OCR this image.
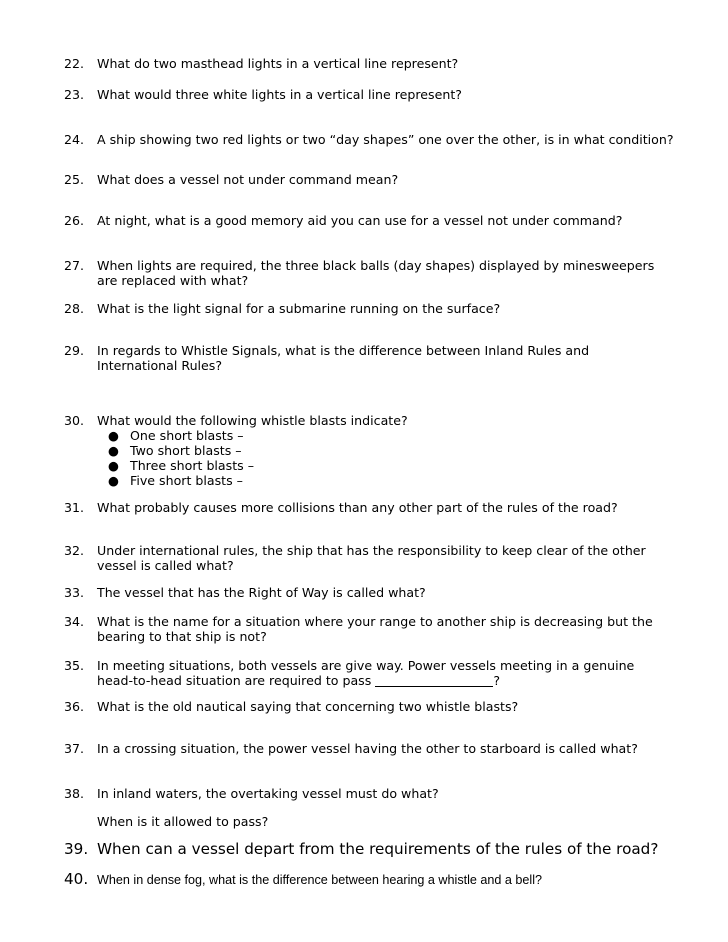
22. What do two masthead lights in a vertical line represent?
23. What would three white lights in a vertical line represent?
24. A ship showing two red lights or two “day shapes” one over the other, is in what condition?
25. What does a vessel not under command mean?
26. At night, what is a good memory aid you can use for a vessel not under command?
27. When lights are required, the three black balls (day shapes) displayed by minesweepers are replaced with what?
28. What is the light signal for a submarine running on the surface?
29. In regards to Whistle Signals, what is the difference between Inland Rules and International Rules?
30. What would the following whistle blasts indicate?
● One short blasts –
● Two short blasts –
● Three short blasts –
● Five short blasts –
31. What probably causes more collisions than any other part of the rules of the road?
32. Under international rules, the ship that has the responsibility to keep clear of the other vessel is called what?
33. The vessel that has the Right of Way is called what?
34. What is the name for a situation where your range to another ship is decreasing but the bearing to that ship is not?
35. In meeting situations, both vessels are give way. Power vessels meeting in a genuine head-to-head situation are required to pass	?
36. What is the old nautical saying that concerning two whistle blasts?
37. In a crossing situation, the power vessel having the other to starboard is called what?
38. In inland waters, the overtaking vessel must do what?
When is it allowed to pass?
39. When can a vessel depart from the requirements of the rules of the road?
40. When in dense fog, what is the difference between hearing a whistle and a bell?
